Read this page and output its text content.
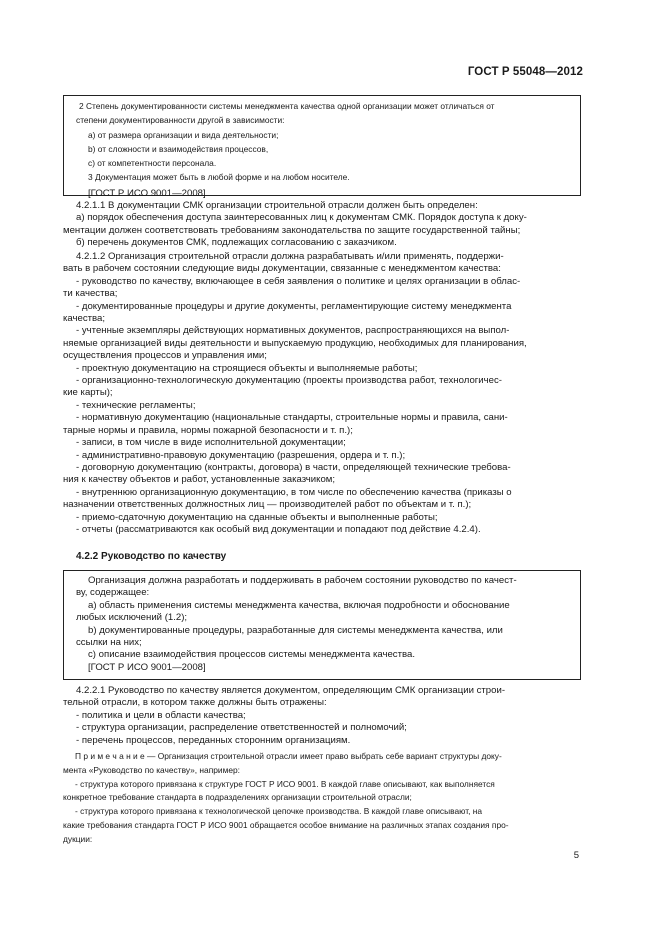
ГОСТ Р 55048—2012

2 Степень документированности системы менеджмента качества одной организации может отличаться от

степени документированности другой в зависимости:

а) от размера организации и вида деятельности;

b) от сложности и взаимодействия процессов,

c) от компетентности персонала.

3 Документация может быть в любой форме и на любом носителе.

[ГОСТ Р ИСО 9001—2008]

4.2.1.1 В документации СМК организации строительной отрасли должен быть определен:

а) порядок обеспечения доступа заинтересованных лиц к документам СМК. Порядок доступа к доку-

ментации должен соответствовать требованиям законодательства по защите государственной тайны;

б) перечень документов СМК, подлежащих согласованию с заказчиком.

4.2.1.2 Организация строительной отрасли должна разрабатывать и/или применять, поддержи-

вать в рабочем состоянии следующие виды документации, связанные с менеджментом качества:

- руководство по качеству, включающее в себя заявления о политике и целях организации в облас-

ти качества;

- документированные процедуры и другие документы, регламентирующие систему менеджмента

качества;

- учтенные экземпляры действующих нормативных документов, распространяющихся на выпол-

няемые организацией виды деятельности и выпускаемую продукцию, необходимых для планирования,

осуществления процессов и управления ими;

- проектную документацию на строящиеся объекты и выполняемые работы;

- организационно-технологическую документацию (проекты производства работ, технологичес-

кие карты);

- технические регламенты;

- нормативную документацию (национальные стандарты, строительные нормы и правила, сани-

тарные нормы и правила, нормы пожарной безопасности и т. п.);

- записи, в том числе в виде исполнительной документации;

- административно-правовую документацию (разрешения, ордера и т. п.);

- договорную документацию (контракты, договора) в части, определяющей технические требова-

ния к качеству объектов и работ, установленные заказчиком;

- внутреннюю организационную документацию, в том числе по обеспечению качества (приказы о

назначении ответственных должностных лиц — производителей работ по объектам и т. п.);

- приемо-сдаточную документацию на сданные объекты и выполненные работы;

- отчеты (рассматриваются как особый вид документации и попадают под действие 4.2.4).

4.2.2 Руководство по качеству

Организация должна разработать и поддерживать в рабочем состоянии руководство по качест-

ву, содержащее:

а) область применения системы менеджмента качества, включая подробности и обоснование

любых исключений (1.2);

b) документированные процедуры, разработанные для системы менеджмента качества, или

ссылки на них;

c) описание взаимодействия процессов системы менеджмента качества.

[ГОСТ Р ИСО 9001—2008]

4.2.2.1 Руководство по качеству является документом, определяющим СМК организации строи-

тельной отрасли, в котором также должны быть отражены:

- политика и цели в области качества;

- структура организации, распределение ответственностей и полномочий;

- перечень процессов, переданных сторонним организациям.

П р и м е ч а н и е — Организация строительной отрасли имеет право выбрать себе вариант структуры доку-

мента «Руководство по качеству», например:

- структура которого привязана к структуре ГОСТ Р ИСО 9001. В каждой главе описывают, как выполняется

конкретное требование стандарта в подразделениях организации строительной отрасли;

- структура которого привязана к технологической цепочке производства. В каждой главе описывают, на

какие требования стандарта ГОСТ Р ИСО 9001 обращается особое внимание на различных этапах создания про-

дукции:

5
